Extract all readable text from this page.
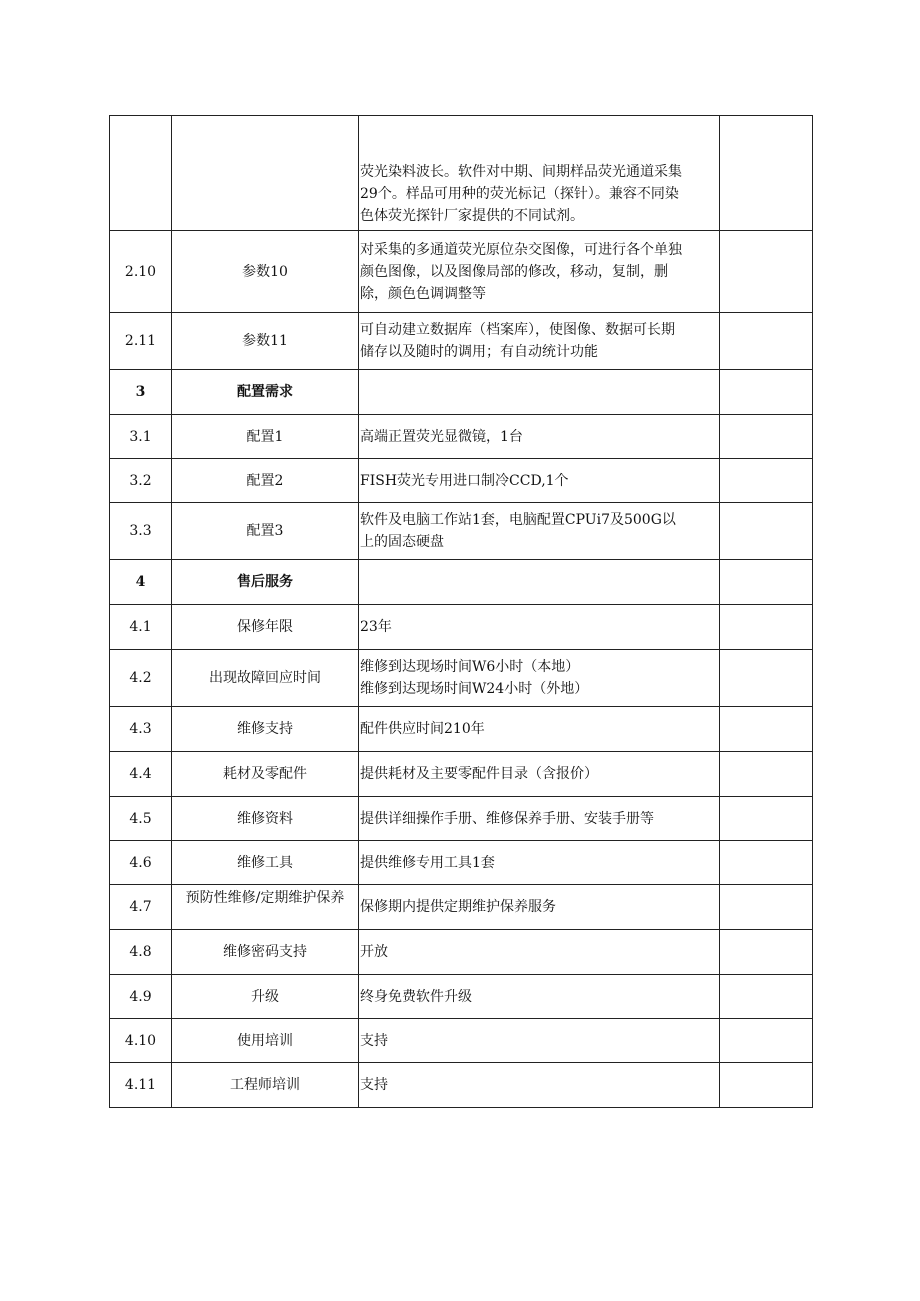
		荧光染料波长。软件对中期、间期样品荧光通道采集
29个。样品可用种的荧光标记（探针）。兼容不同染
色体荧光探针厂家提供的不同试剂。	

2.10	参数10	对采集的多通道荧光原位杂交图像，可进行各个单独
颜色图像，以及图像局部的修改，移动，复制，删
除，颜色色调调整等	

2.11	参数11	可自动建立数据库（档案库），使图像、数据可长期
储存以及随时的调用；有自动统计功能	

3	配置需求		
3.1	配置1	高端正置荧光显微镜，1台	

3.2	配置2	FISH荧光专用进口制冷CCD,1个	

3.3	配置3	软件及电脑工作站1套，电脑配置CPUi7及500G以
上的固态硬盘	

4	售后服务		
4.1	保修年限	23年	

4.2	出现故障回应时间	维修到达现场时间W6小时（本地）
维修到达现场时间W24小时（外地）	

4.3	维修支持	配件供应时间210年	

4.4	耗材及零配件	提供耗材及主要零配件目录（含报价）	

4.5	维修资料	提供详细操作手册、维修保养手册、安装手册等	

4.6	维修工具	提供维修专用工具1套	

4.7	预防性维修/定期维护保养	保修期内提供定期维护保养服务	

4.8	维修密码支持	开放	

4.9	升级	终身免费软件升级	

4.10	使用培训	支持	

4.11	工程师培训	支持	
